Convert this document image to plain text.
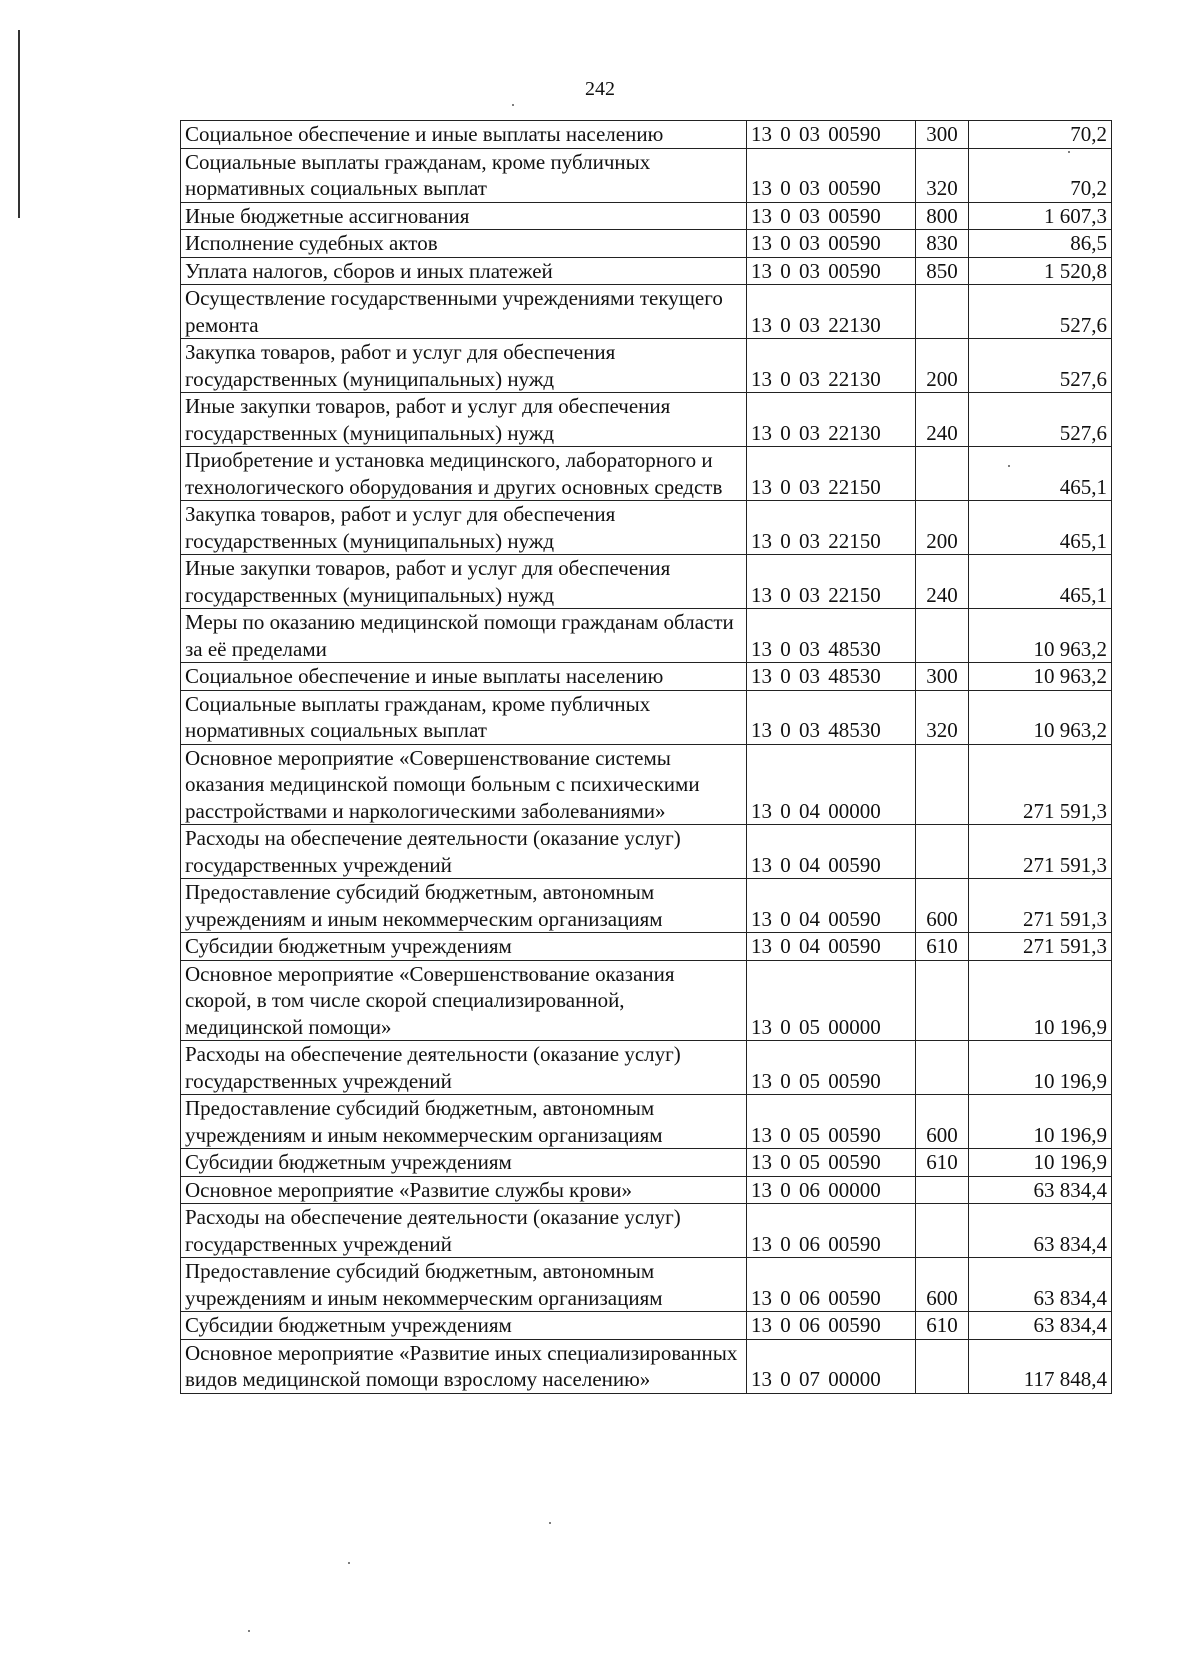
242
Социальное обеспечение и иные выплаты населению	13 0 03 00590	300	70,2
Социальные выплаты гражданам, кроме публичных нормативных социальных выплат	13 0 03 00590	320	70,2
Иные бюджетные ассигнования	13 0 03 00590	800	1 607,3
Исполнение судебных актов	13 0 03 00590	830	86,5
Уплата налогов, сборов и иных платежей	13 0 03 00590	850	1 520,8
Осуществление государственными учреждениями текущего ремонта	13 0 03 22130		527,6
Закупка товаров, работ и услуг для обеспечения государственных (муниципальных) нужд	13 0 03 22130	200	527,6
Иные закупки товаров, работ и услуг для обеспечения государственных (муниципальных) нужд	13 0 03 22130	240	527,6
Приобретение и установка медицинского, лабораторного и технологического оборудования и других основных средств	13 0 03 22150		465,1
Закупка товаров, работ и услуг для обеспечения государственных (муниципальных) нужд	13 0 03 22150	200	465,1
Иные закупки товаров, работ и услуг для обеспечения государственных (муниципальных) нужд	13 0 03 22150	240	465,1
Меры по оказанию медицинской помощи гражданам области за её пределами	13 0 03 48530		10 963,2
Социальное обеспечение и иные выплаты населению	13 0 03 48530	300	10 963,2
Социальные выплаты гражданам, кроме публичных нормативных социальных выплат	13 0 03 48530	320	10 963,2
Основное мероприятие «Совершенствование системы оказания медицинской помощи больным с психическими расстройствами и наркологическими заболеваниями»	13 0 04 00000		271 591,3
Расходы на обеспечение деятельности (оказание услуг) государственных учреждений	13 0 04 00590		271 591,3
Предоставление субсидий бюджетным, автономным учреждениям и иным некоммерческим организациям	13 0 04 00590	600	271 591,3
Субсидии бюджетным учреждениям	13 0 04 00590	610	271 591,3
Основное мероприятие «Совершенствование оказания скорой, в том числе скорой специализированной, медицинской помощи»	13 0 05 00000		10 196,9
Расходы на обеспечение деятельности (оказание услуг) государственных учреждений	13 0 05 00590		10 196,9
Предоставление субсидий бюджетным, автономным учреждениям и иным некоммерческим организациям	13 0 05 00590	600	10 196,9
Субсидии бюджетным учреждениям	13 0 05 00590	610	10 196,9
Основное мероприятие «Развитие службы крови»	13 0 06 00000		63 834,4
Расходы на обеспечение деятельности (оказание услуг) государственных учреждений	13 0 06 00590		63 834,4
Предоставление субсидий бюджетным, автономным учреждениям и иным некоммерческим организациям	13 0 06 00590	600	63 834,4
Субсидии бюджетным учреждениям	13 0 06 00590	610	63 834,4
Основное мероприятие «Развитие иных специализированных видов медицинской помощи взрослому населению»	13 0 07 00000		117 848,4
